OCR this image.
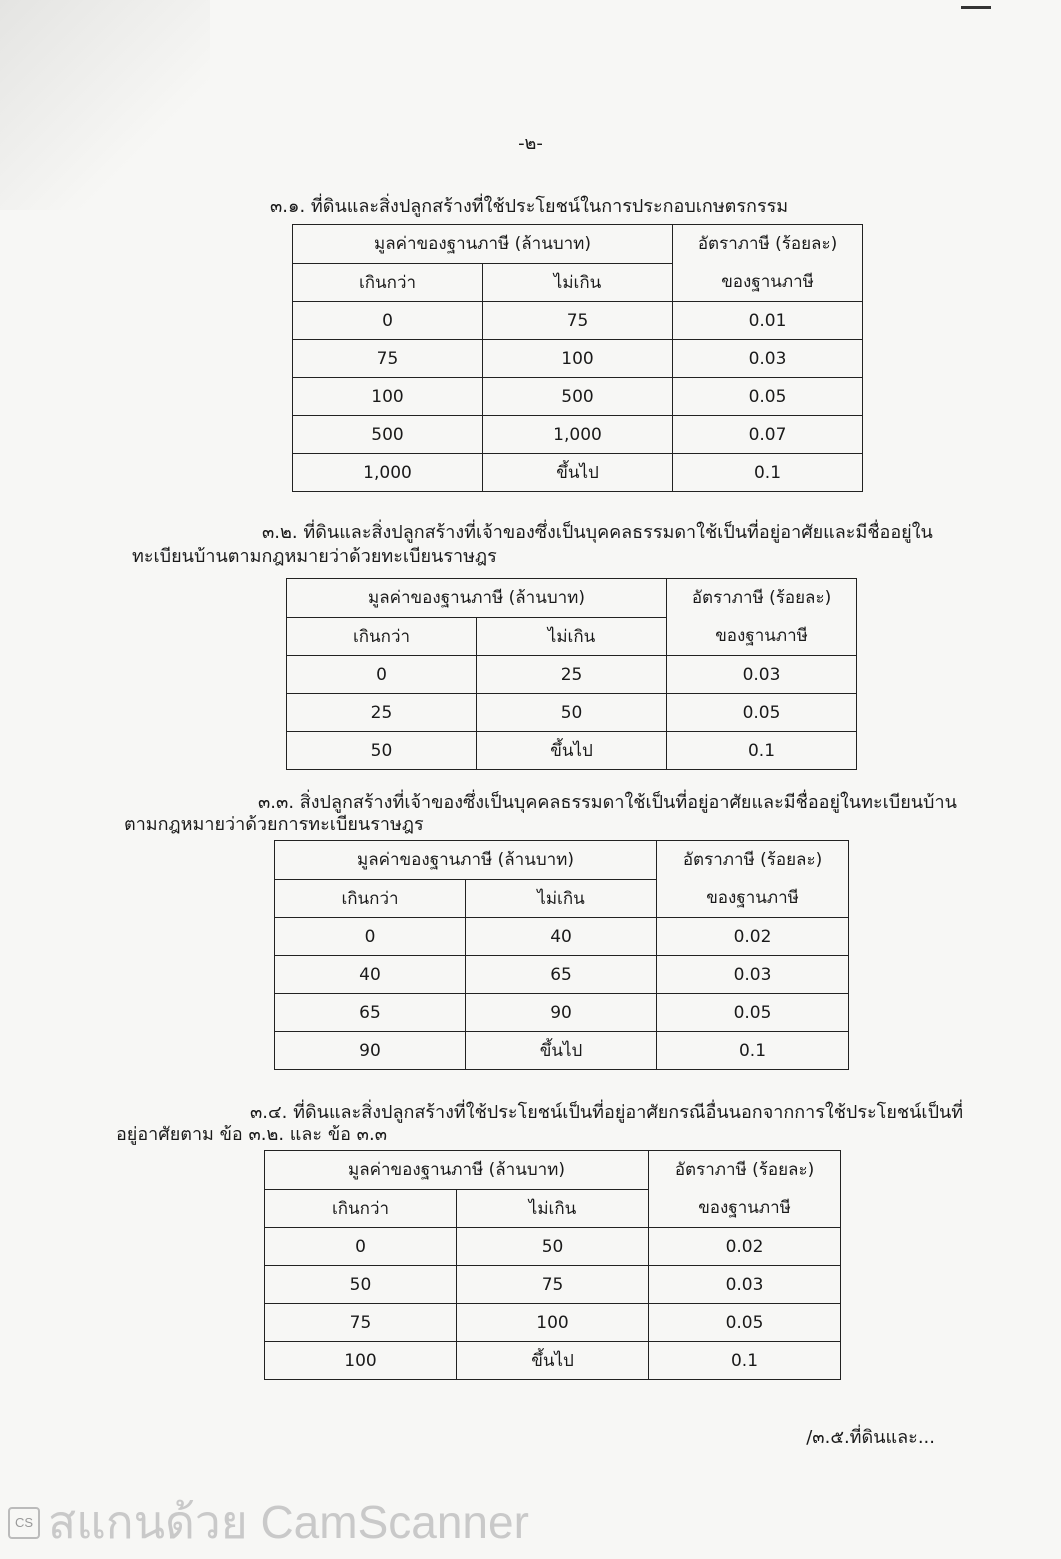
-๒-
๓.๑. ที่ดินและสิ่งปลูกสร้างที่ใช้ประโยชน์ในการประกอบเกษตรกรรม
มูลค่าของฐานภาษี (ล้านบาท)		อัตราภาษี (ร้อยละ)
ของฐานภาษี

เกินกว่า	ไม่เกิน	
0	75	0.01
75	100	0.03
100	500	0.05
500	1,000	0.07
1,000	ขึ้นไป	0.1
๓.๒. ที่ดินและสิ่งปลูกสร้างที่เจ้าของซึ่งเป็นบุคคลธรรมดาใช้เป็นที่อยู่อาศัยและมีชื่ออยู่ใน
ทะเบียนบ้านตามกฎหมายว่าด้วยทะเบียนราษฎร
มูลค่าของฐานภาษี (ล้านบาท)		อัตราภาษี (ร้อยละ)
ของฐานภาษี

เกินกว่า	ไม่เกิน	
0	25	0.03
25	50	0.05
50	ขึ้นไป	0.1
๓.๓. สิ่งปลูกสร้างที่เจ้าของซึ่งเป็นบุคคลธรรมดาใช้เป็นที่อยู่อาศัยและมีชื่ออยู่ในทะเบียนบ้าน
ตามกฎหมายว่าด้วยการทะเบียนราษฎร
มูลค่าของฐานภาษี (ล้านบาท)		อัตราภาษี (ร้อยละ)
ของฐานภาษี

เกินกว่า	ไม่เกิน	
0	40	0.02
40	65	0.03
65	90	0.05
90	ขึ้นไป	0.1
๓.๔. ที่ดินและสิ่งปลูกสร้างที่ใช้ประโยชน์เป็นที่อยู่อาศัยกรณีอื่นนอกจากการใช้ประโยชน์เป็นที่
อยู่อาศัยตาม ข้อ ๓.๒. และ ข้อ ๓.๓
มูลค่าของฐานภาษี (ล้านบาท)		อัตราภาษี (ร้อยละ)
ของฐานภาษี

เกินกว่า	ไม่เกิน	
0	50	0.02
50	75	0.03
75	100	0.05
100	ขึ้นไป	0.1
/๓.๕.ที่ดินและ...
CS สแกนด้วย CamScanner
